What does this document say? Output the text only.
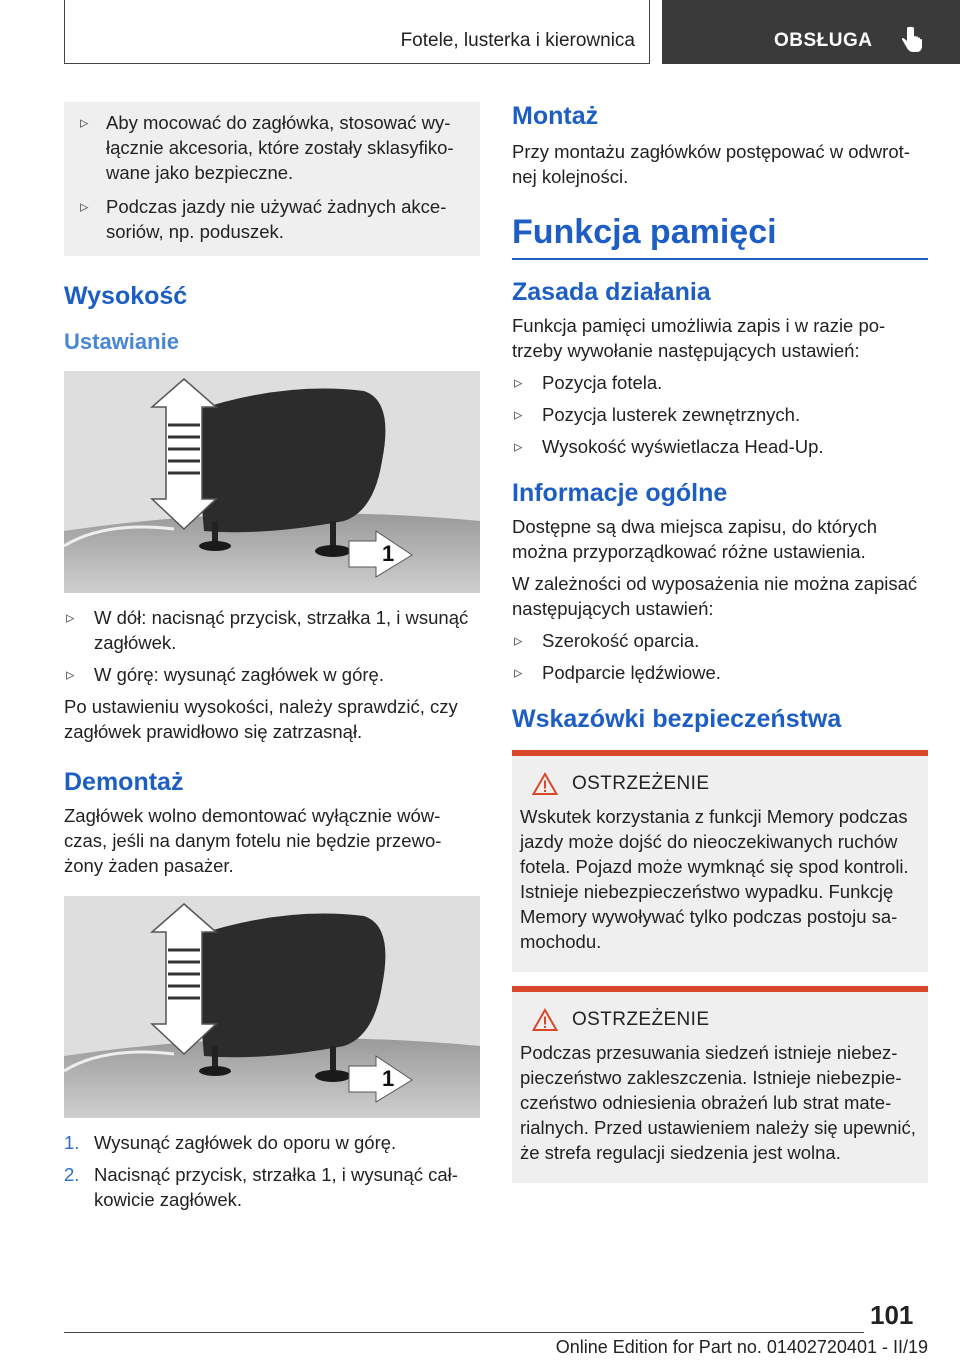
Fotele, lusterka i kierownica	OBSŁUGA
▹ Aby mocować do zagłówka, stosować wy-łącznie akcesoria, które zostały sklasyfiko-wane jako bezpieczne.
▹ Podczas jazdy nie używać żadnych akce-soriów, np. poduszek.
Wysokość
Ustawianie
1
▹ W dół: nacisnąć przycisk, strzałka 1, i wsunąć zagłówek.
▹ W górę: wysunąć zagłówek w górę.

Po ustawieniu wysokości, należy sprawdzić, czy zagłówek prawidłowo się zatrzasnął.

Demontaż

Zagłówek wolno demontować wyłącznie wów-czas, jeśli na danym fotelu nie będzie przewo-żony żaden pasażer.

1
1. Wysunąć zagłówek do oporu w górę.
2. Nacisnąć przycisk, strzałka 1, i wysunąć cał-kowicie zagłówek.
Montaż

Przy montażu zagłówków postępować w odwrot-nej kolejności.

Funkcja pamięci
Zasada działania

Funkcja pamięci umożliwia zapis i w razie po-trzeby wywołanie następujących ustawień:

▹ Pozycja fotela.
▹ Pozycja lusterek zewnętrznych.
▹ Wysokość wyświetlacza Head-Up.
Informacje ogólne

Dostępne są dwa miejsca zapisu, do których można przyporządkować różne ustawienia.

W zależności od wyposażenia nie można zapisać następujących ustawień:

▹ Szerokość oparcia.
▹ Podparcie lędźwiowe.
Wskazówki bezpieczeństwa
OSTRZEŻENIE

Wskutek korzystania z funkcji Memory podczas jazdy może dojść do nieoczekiwanych ruchów fotela. Pojazd może wymknąć się spod kontroli. Istnieje niebezpieczeństwo wypadku. Funkcję Memory wywoływać tylko podczas postoju sa-mochodu.

OSTRZEŻENIE

Podczas przesuwania siedzeń istnieje niebez-pieczeństwo zakleszczenia. Istnieje niebezpie-czeństwo odniesienia obrażeń lub strat mate-rialnych. Przed ustawieniem należy się upewnić, że strefa regulacji siedzenia jest wolna.

101
Online Edition for Part no. 01402720401 - II/19
